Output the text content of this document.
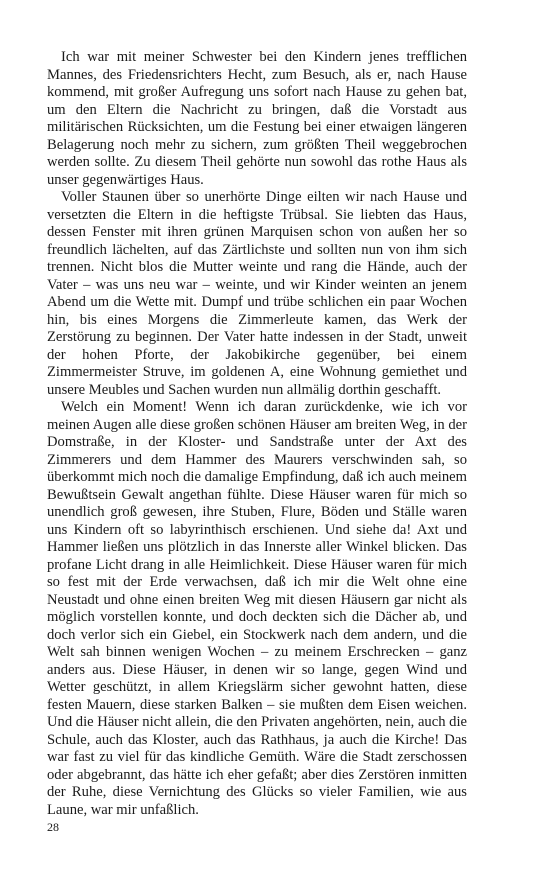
Ich war mit meiner Schwester bei den Kindern jenes trefflichen Mannes, des Friedensrichters Hecht, zum Besuch, als er, nach Hause kommend, mit großer Aufregung uns sofort nach Hause zu gehen bat, um den Eltern die Nachricht zu bringen, daß die Vorstadt aus militärischen Rücksichten, um die Festung bei einer etwaigen längeren Belagerung noch mehr zu sichern, zum größten Theil weggebrochen werden sollte. Zu diesem Theil gehörte nun sowohl das rothe Haus als unser gegenwärtiges Haus.

Voller Staunen über so unerhörte Dinge eilten wir nach Hause und versetzten die Eltern in die heftigste Trübsal. Sie liebten das Haus, dessen Fenster mit ihren grünen Marquisen schon von außen her so freundlich lächelten, auf das Zärtlichste und sollten nun von ihm sich trennen. Nicht blos die Mutter weinte und rang die Hände, auch der Vater – was uns neu war – weinte, und wir Kinder weinten an jenem Abend um die Wette mit. Dumpf und trübe schlichen ein paar Wochen hin, bis eines Morgens die Zimmerleute kamen, das Werk der Zerstörung zu beginnen. Der Vater hatte indessen in der Stadt, unweit der hohen Pforte, der Jakobikirche gegenüber, bei einem Zimmermeister Struve, im goldenen A, eine Wohnung gemiethet und unsere Meubles und Sachen wurden nun allmälig dorthin geschafft.

Welch ein Moment! Wenn ich daran zurückdenke, wie ich vor meinen Augen alle diese großen schönen Häuser am breiten Weg, in der Domstraße, in der Kloster- und Sandstraße unter der Axt des Zimmerers und dem Hammer des Maurers verschwinden sah, so überkommt mich noch die damalige Empfindung, daß ich auch meinem Bewußtsein Gewalt angethan fühlte. Diese Häuser waren für mich so unendlich groß gewesen, ihre Stuben, Flure, Böden und Ställe waren uns Kindern oft so labyrinthisch erschienen. Und siehe da! Axt und Hammer ließen uns plötzlich in das Innerste aller Winkel blicken. Das profane Licht drang in alle Heimlichkeit. Diese Häuser waren für mich so fest mit der Erde verwachsen, daß ich mir die Welt ohne eine Neustadt und ohne einen breiten Weg mit diesen Häusern gar nicht als möglich vorstellen konnte, und doch deckten sich die Dächer ab, und doch verlor sich ein Giebel, ein Stockwerk nach dem andern, und die Welt sah binnen wenigen Wochen – zu meinem Erschrecken – ganz anders aus. Diese Häuser, in denen wir so lange, gegen Wind und Wetter geschützt, in allem Kriegslärm sicher gewohnt hatten, diese festen Mauern, diese starken Balken – sie mußten dem Eisen weichen. Und die Häuser nicht allein, die den Privaten angehörten, nein, auch die Schule, auch das Kloster, auch das Rathhaus, ja auch die Kirche! Das war fast zu viel für das kindliche Gemüth. Wäre die Stadt zerschossen oder abgebrannt, das hätte ich eher gefaßt; aber dies Zerstören inmitten der Ruhe, diese Vernichtung des Glücks so vieler Familien, wie aus Laune, war mir unfaßlich.

28
